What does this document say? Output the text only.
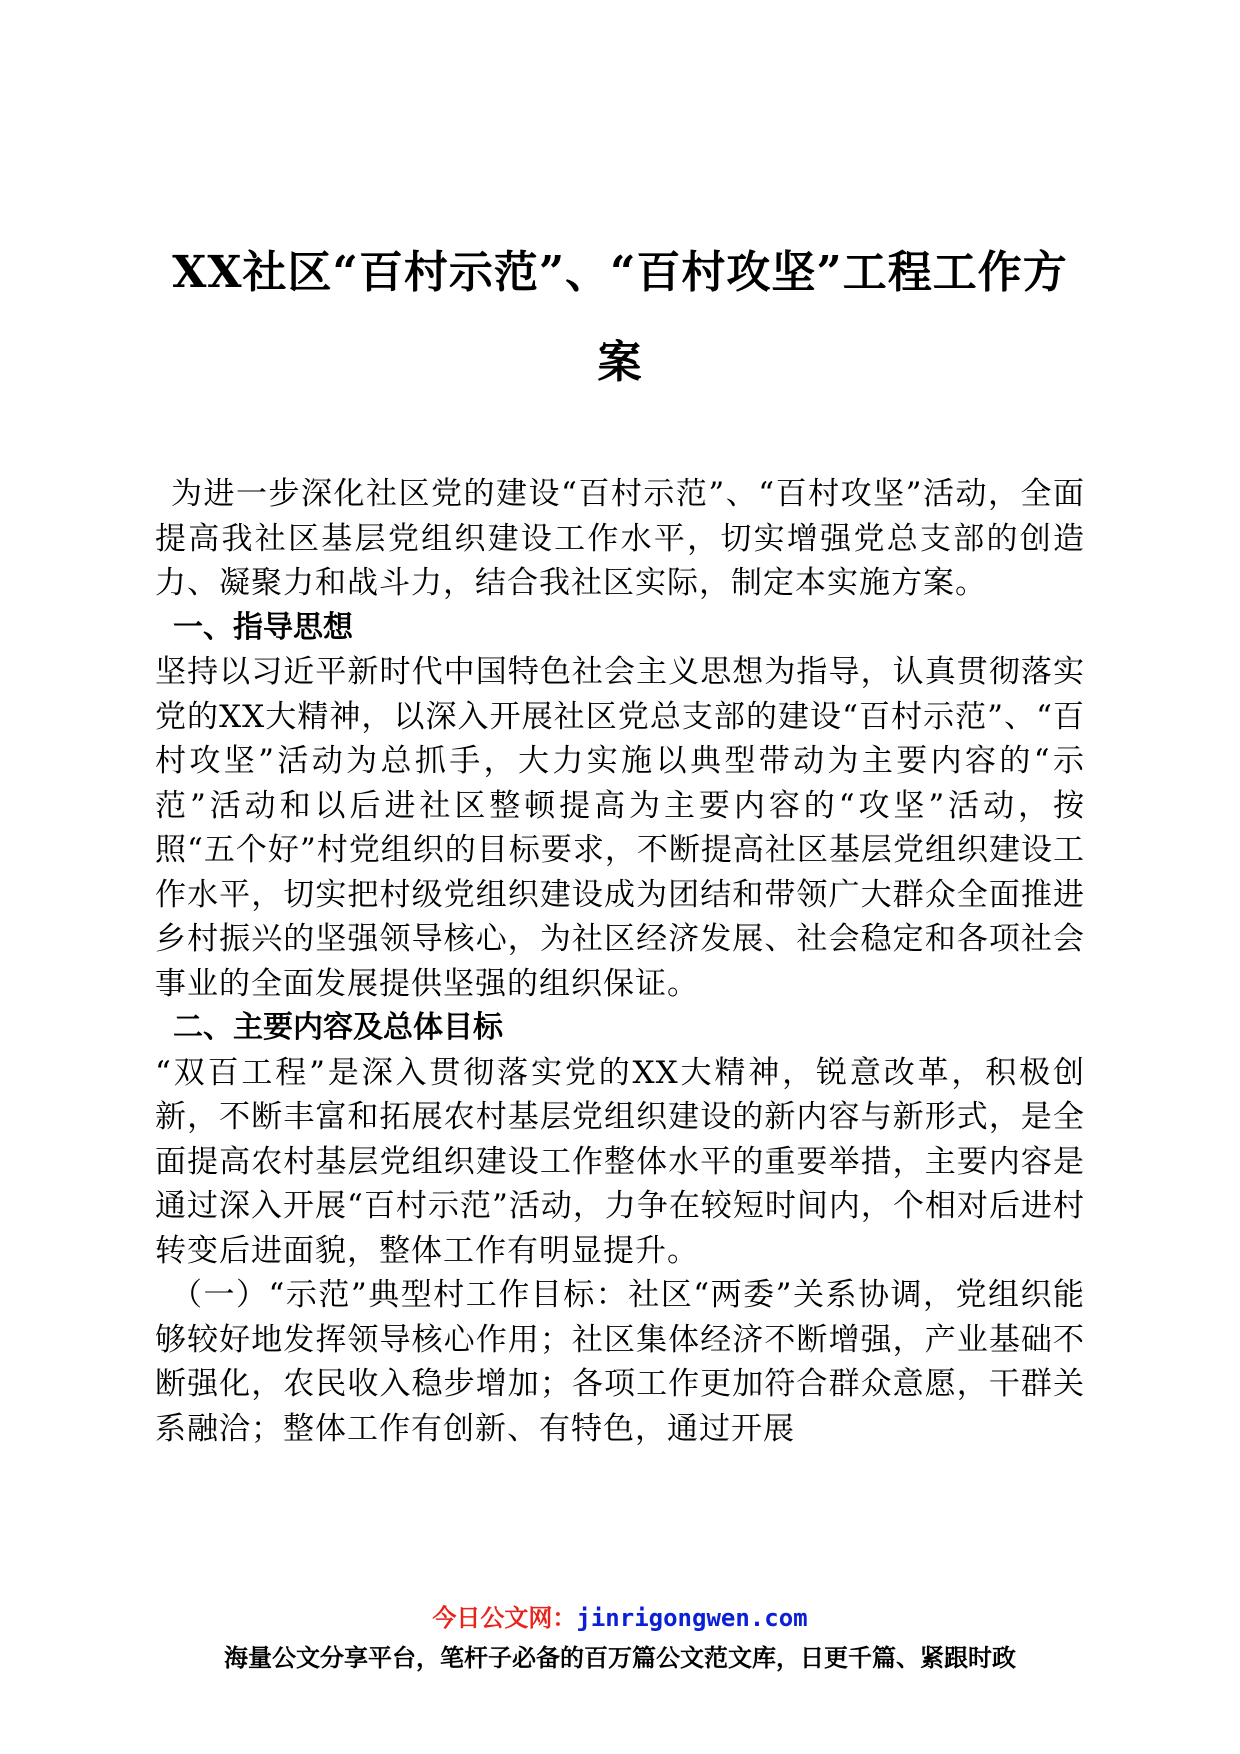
XX社区“百村示范”、“百村攻坚”工程工作方案

为进一步深化社区党的建设“百村示范”、“百村攻坚”活动，全面提高我社区基层党组织建设工作水平，切实增强党总支部的创造力、凝聚力和战斗力，结合我社区实际，制定本实施方案。

一、指导思想

坚持以习近平新时代中国特色社会主义思想为指导，认真贯彻落实党的XX大精神，以深入开展社区党总支部的建设“百村示范”、“百村攻坚”活动为总抓手，大力实施以典型带动为主要内容的“示范”活动和以后进社区整顿提高为主要内容的“攻坚”活动，按照“五个好”村党组织的目标要求，不断提高社区基层党组织建设工作水平，切实把村级党组织建设成为团结和带领广大群众全面推进乡村振兴的坚强领导核心，为社区经济发展、社会稳定和各项社会事业的全面发展提供坚强的组织保证。

二、主要内容及总体目标

“双百工程”是深入贯彻落实党的XX大精神，锐意改革，积极创新，不断丰富和拓展农村基层党组织建设的新内容与新形式，是全面提高农村基层党组织建设工作整体水平的重要举措，主要内容是通过深入开展“百村示范”活动，力争在较短时间内，个相对后进村转变后进面貌，整体工作有明显提升。

（一）“示范”典型村工作目标：社区“两委”关系协调，党组织能够较好地发挥领导核心作用；社区集体经济不断增强，产业基础不断强化，农民收入稳步增加；各项工作更加符合群众意愿，干群关系融洽；整体工作有创新、有特色，通过开展

今日公文网：jinrigongwen.com
海量公文分享平台，笔杆子必备的百万篇公文范文库，日更千篇、紧跟时政
